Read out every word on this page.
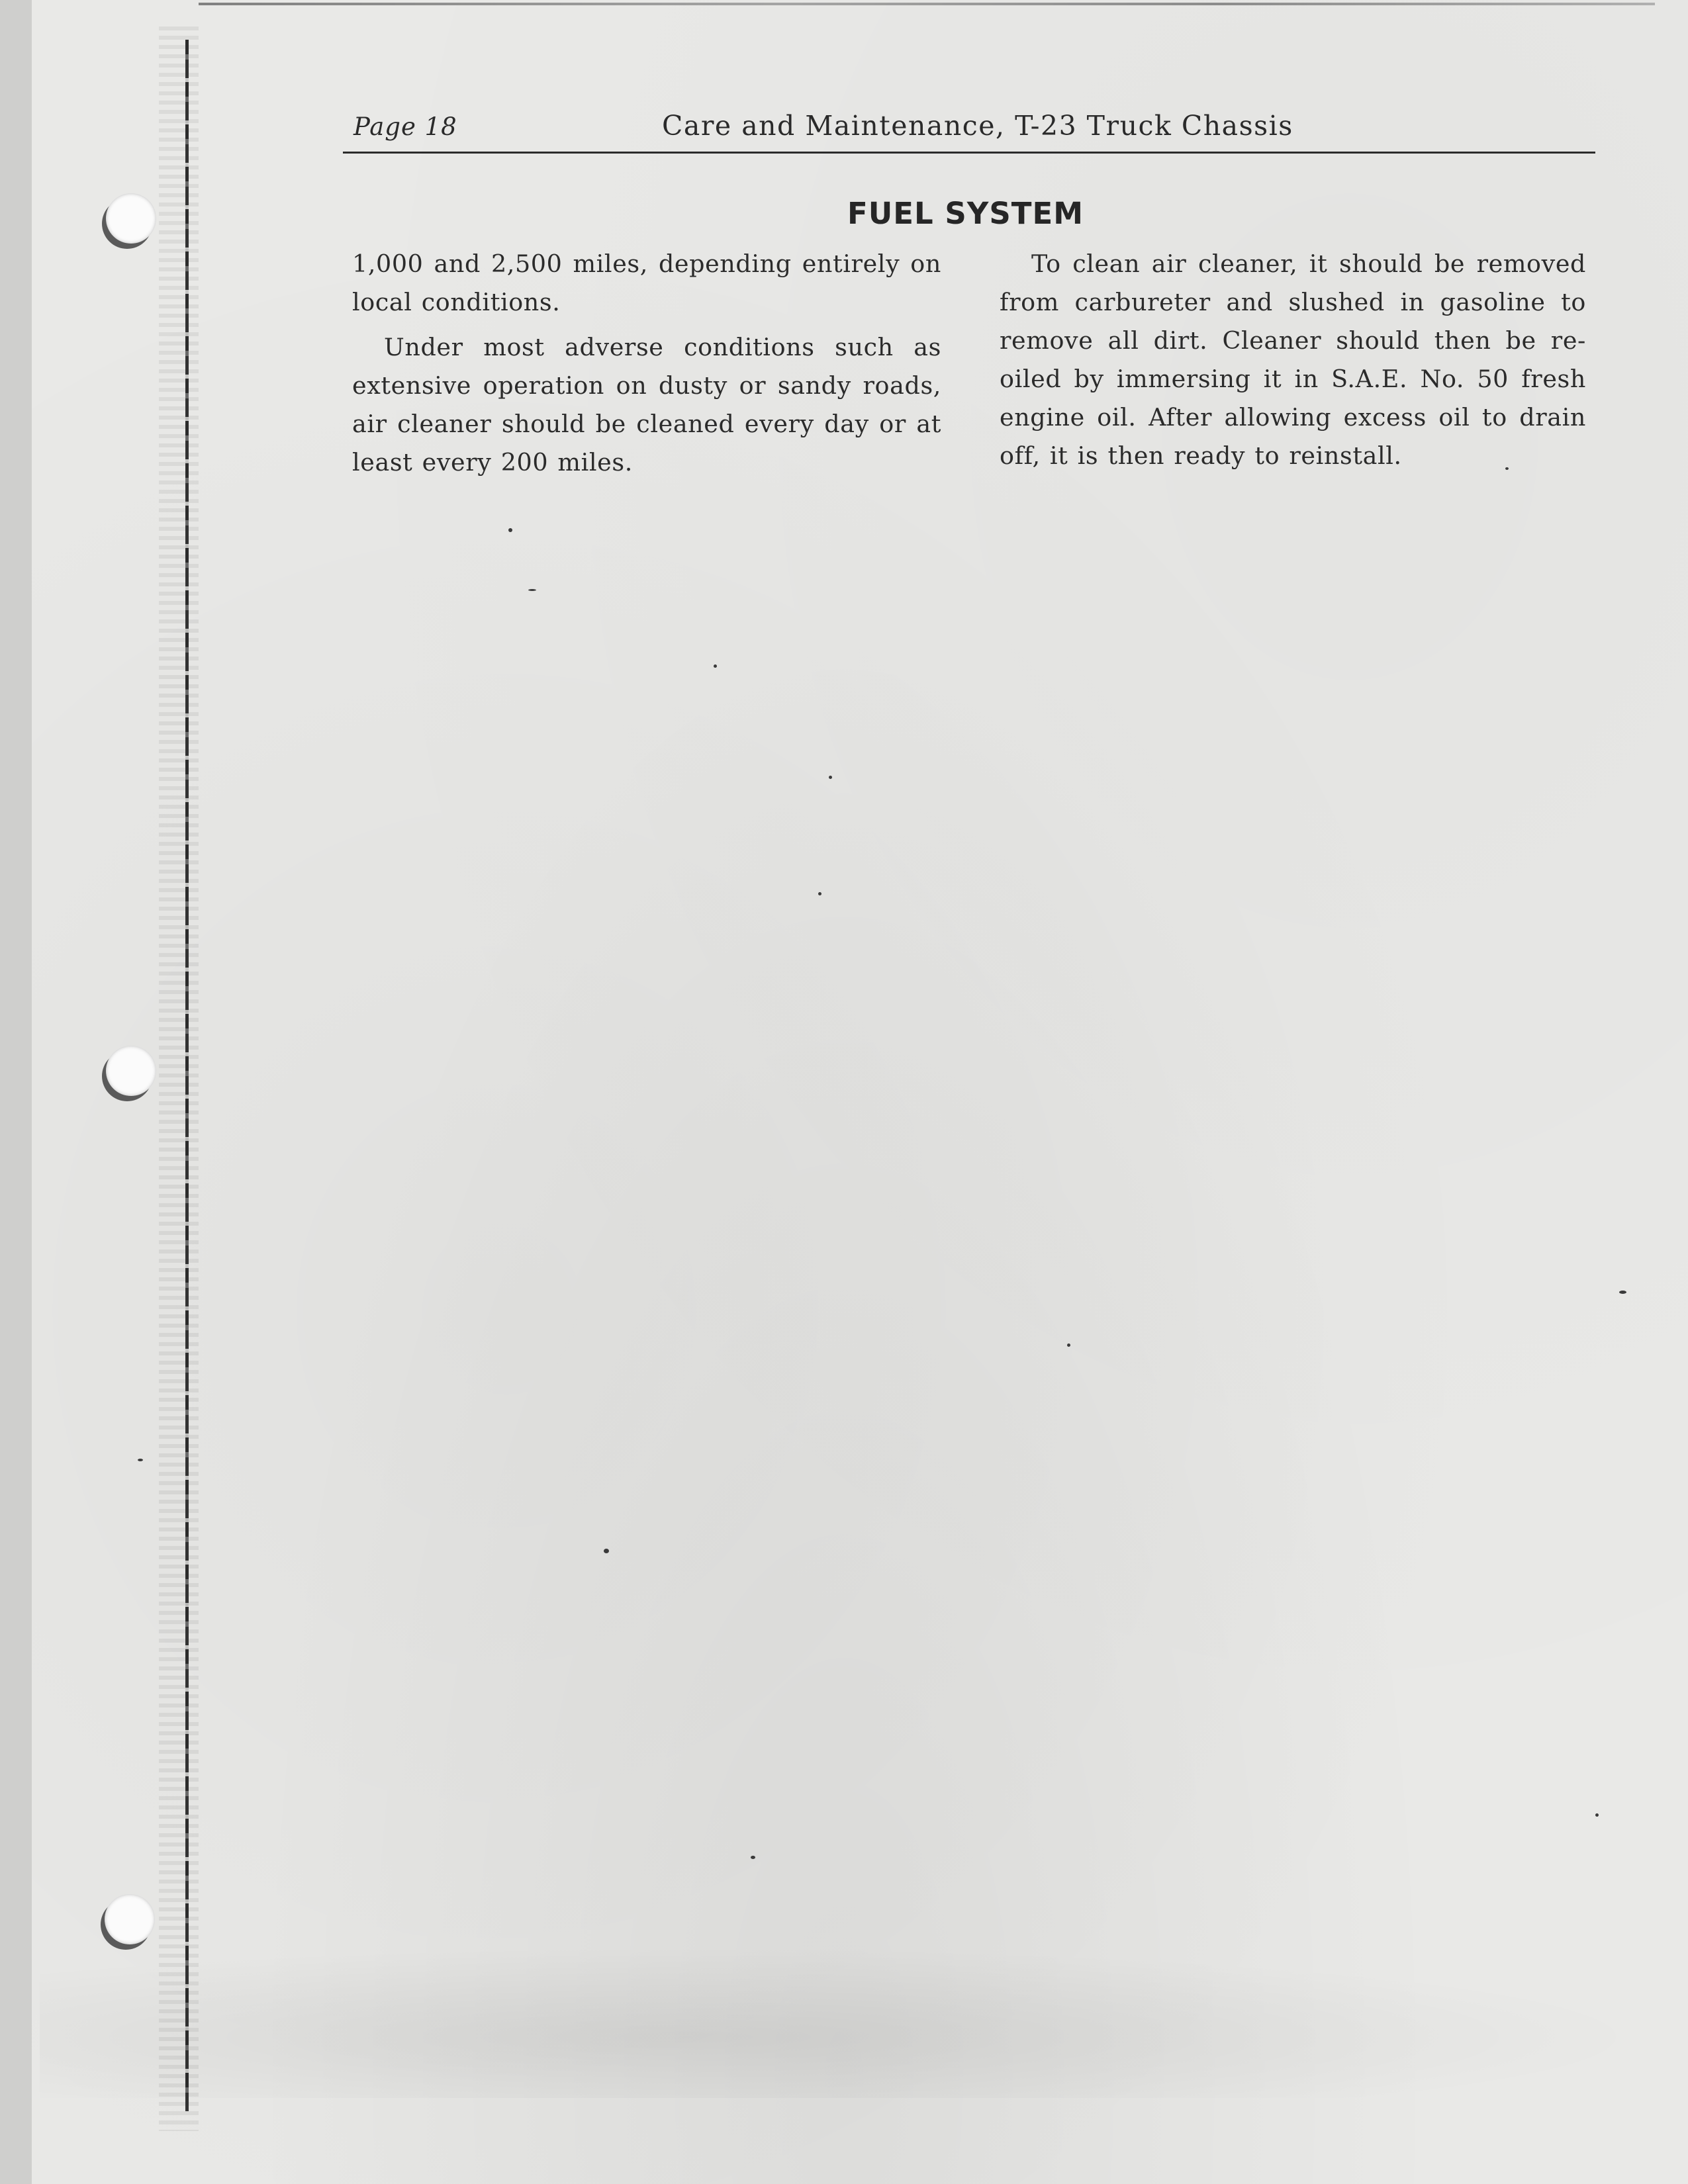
Page 18	Care and Maintenance, T-23 Truck Chassis
FUEL SYSTEM

1,000 and 2,500 miles, depending entirely on local conditions.

Under most adverse conditions such as extensive operation on dusty or sandy roads, air cleaner should be cleaned every day or at least every 200 miles.

To clean air cleaner, it should be removed from carbureter and slushed in gasoline to remove all dirt. Cleaner should then be re-oiled by immersing it in S.A.E. No. 50 fresh engine oil. After allowing excess oil to drain off, it is then ready to reinstall.
